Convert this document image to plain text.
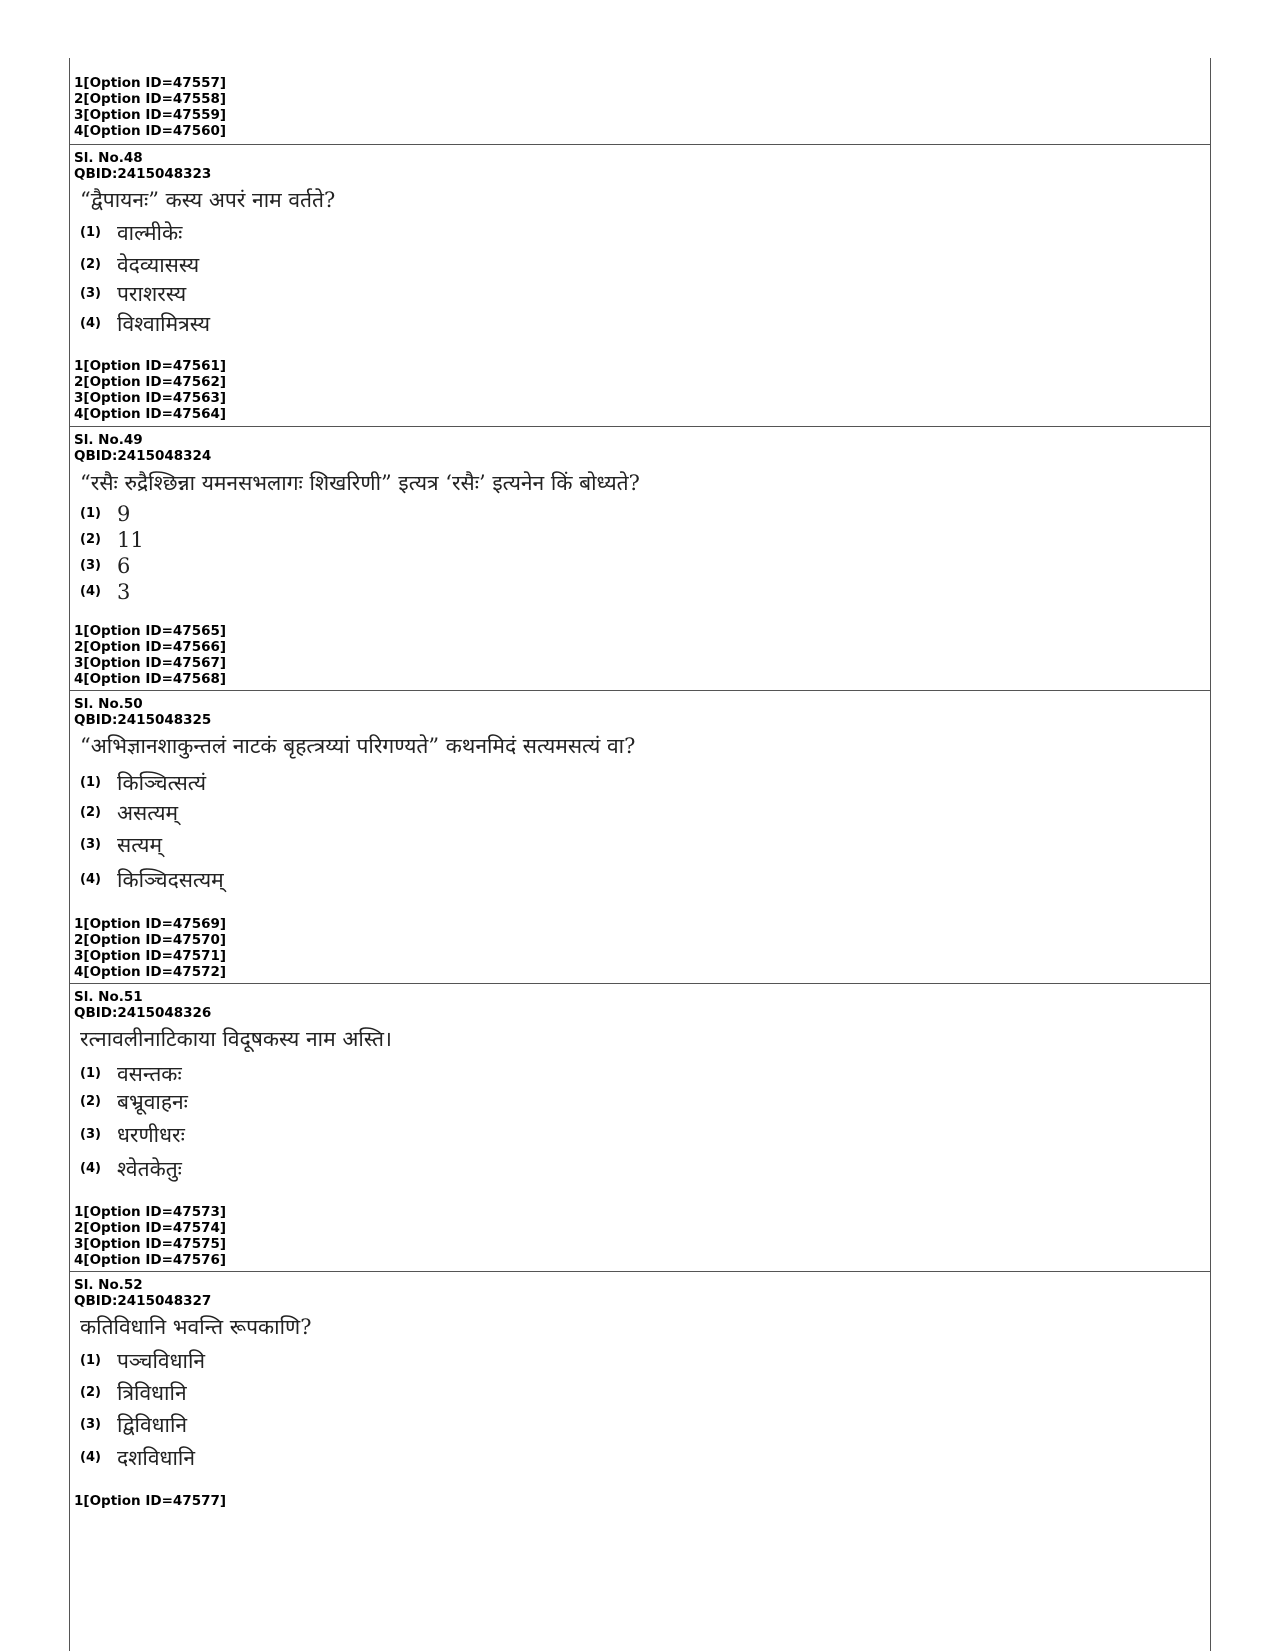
1[Option ID=47557]
2[Option ID=47558]
3[Option ID=47559]
4[Option ID=47560]
Sl. No.48
QBID:2415048323
“द्वैपायनः” कस्य अपरं नाम वर्तते?
(1) वाल्मीकेः
(2) वेदव्यासस्य
(3) पराशरस्य
(4) विश्वामित्रस्य
1[Option ID=47561]
2[Option ID=47562]
3[Option ID=47563]
4[Option ID=47564]
Sl. No.49
QBID:2415048324
“रसैः रुद्रैश्छिन्ना यमनसभलागः शिखरिणी” इत्यत्र ‘रसैः’ इत्यनेन किं बोध्यते?
(1) 9
(2) 11
(3) 6
(4) 3
1[Option ID=47565]
2[Option ID=47566]
3[Option ID=47567]
4[Option ID=47568]
Sl. No.50
QBID:2415048325
“अभिज्ञानशाकुन्तलं नाटकं बृहत्त्रय्यां परिगण्यते” कथनमिदं सत्यमसत्यं वा?
(1) किञ्चित्सत्यं
(2) असत्यम्
(3) सत्यम्
(4) किञ्चिदसत्यम्
1[Option ID=47569]
2[Option ID=47570]
3[Option ID=47571]
4[Option ID=47572]
Sl. No.51
QBID:2415048326
रत्नावलीनाटिकाया विदूषकस्य नाम अस्ति।
(1) वसन्तकः
(2) बभ्रूवाहनः
(3) धरणीधरः
(4) श्वेतकेतुः
1[Option ID=47573]
2[Option ID=47574]
3[Option ID=47575]
4[Option ID=47576]
Sl. No.52
QBID:2415048327
कतिविधानि भवन्ति रूपकाणि?
(1) पञ्चविधानि
(2) त्रिविधानि
(3) द्विविधानि
(4) दशविधानि
1[Option ID=47577]
